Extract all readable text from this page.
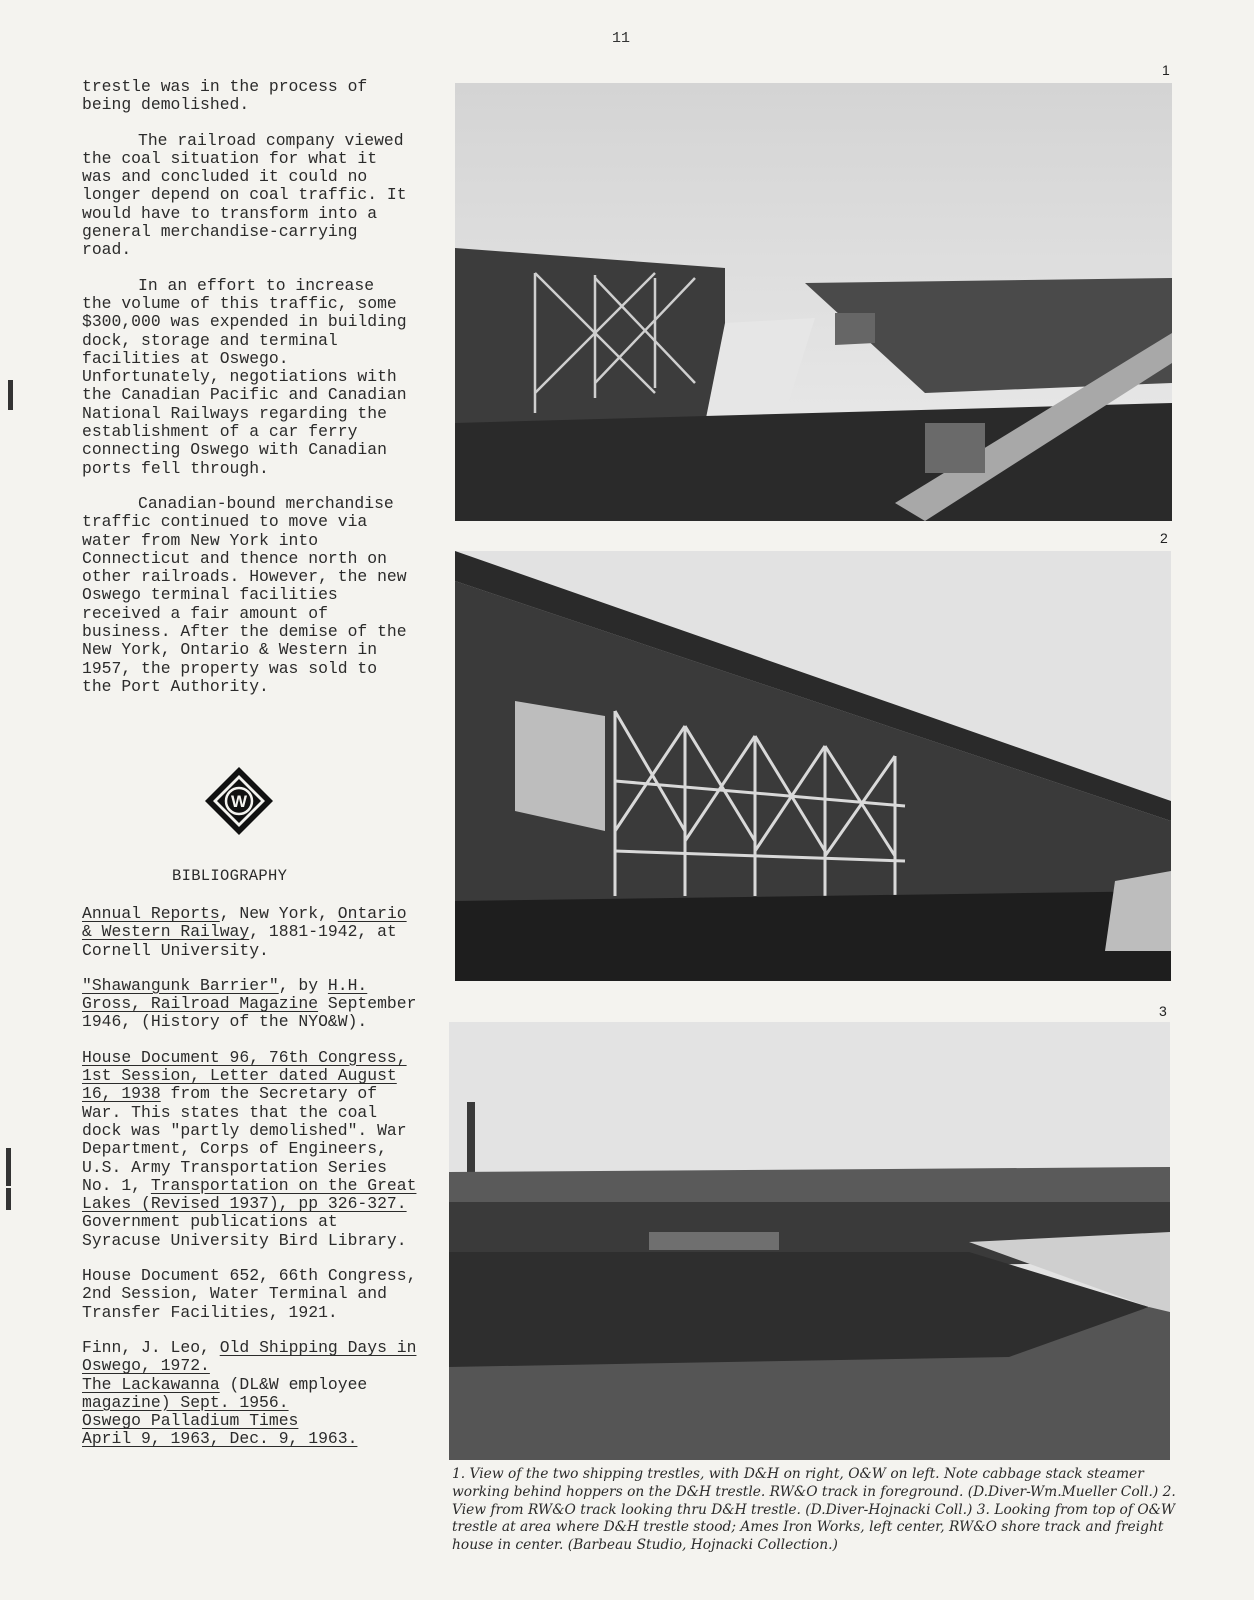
11

trestle was in the process of being demolished.

The railroad company viewed the coal situation for what it was and concluded it could no longer depend on coal traffic. It would have to transform into a general merchandise-carrying road.

In an effort to increase the volume of this traffic, some $300,000 was expended in building dock, storage and terminal facilities at Oswego. Unfortunately, negotiations with the Canadian Pacific and Canadian National Railways regarding the establishment of a car ferry connecting Oswego with Canadian ports fell through.

Canadian-bound merchandise traffic continued to move via water from New York into Connecticut and thence north on other railroads. However, the new Oswego terminal facilities received a fair amount of business. After the demise of the New York, Ontario & Western in 1957, the property was sold to the Port Authority.

W
BIBLIOGRAPHY

Annual Reports, New York, Ontario & Western Railway, 1881-1942, at Cornell University.

"Shawangunk Barrier", by H.H. Gross, Railroad Magazine September 1946, (History of the NYO&W).

House Document 96, 76th Congress, 1st Session, Letter dated August 16, 1938 from the Secretary of War. This states that the coal dock was "partly demolished". War Department, Corps of Engineers, U.S. Army Transportation Series No. 1, Transportation on the Great Lakes (Revised 1937), pp 326-327. Government publications at Syracuse University Bird Library.

House Document 652, 66th Congress, 2nd Session, Water Terminal and Transfer Facilities, 1921.

Finn, J. Leo, Old Shipping Days in Oswego, 1972.

The Lackawanna (DL&W employee magazine) Sept. 1956.

Oswego Palladium Times
April 9, 1963, Dec. 9, 1963.

1
2
3
1. View of the two shipping trestles, with D&H on right, O&W on left. Note cabbage stack steamer working behind hoppers on the D&H trestle. RW&O track in foreground. (D.Diver-Wm.Mueller Coll.) 2. View from RW&O track looking thru D&H trestle. (D.Diver-Hojnacki Coll.) 3. Looking from top of O&W trestle at area where D&H trestle stood; Ames Iron Works, left center, RW&O shore track and freight house in center. (Barbeau Studio, Hojnacki Collection.)
